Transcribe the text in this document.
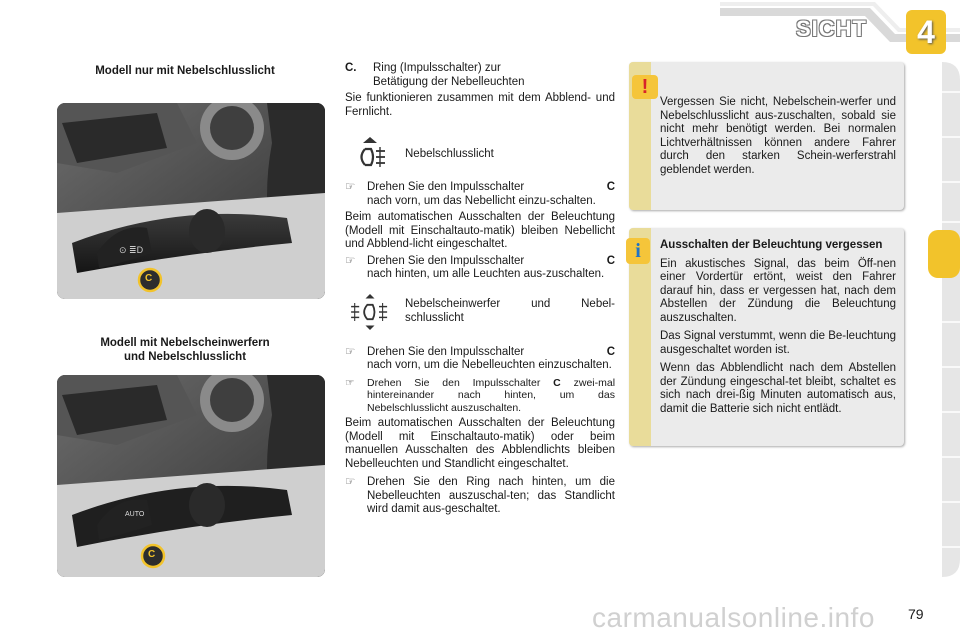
SICHT	4
Modell nur mit Nebelschlusslicht
⊙ ≣D
C
Modell mit Nebelscheinwerfern
und Nebelschlusslicht
AUTO
C
C.	Ring (Impulsschalter) zur
Betätigung der Nebelleuchten

Sie funktionieren zusammen mit dem Abblend- und Fernlicht.

Nebelschlusslicht
☞	Drehen Sie den Impulsschalter	C

nach vorn, um das Nebellicht einzu-schalten.

Beim automatischen Ausschalten der Beleuchtung (Modell mit Einschaltauto-matik) bleiben Nebellicht und Abblend-licht eingeschaltet.

☞	Drehen Sie den Impulsschalter	C

nach hinten, um alle Leuchten aus-zuschalten.
Nebelscheinwerfer und Nebel-schlusslicht
☞	Drehen Sie den Impulsschalter	C

nach vorn, um die Nebelleuchten einzuschalten.
☞	Drehen Sie den Impulsschalter C zwei-mal hintereinander nach hinten, um das Nebelschlusslicht auszuschalten.

Beim automatischen Ausschalten der Beleuchtung (Modell mit Einschaltauto-matik) oder beim manuellen Ausschalten des Abblendlichts bleiben Nebelleuchten und Standlicht eingeschaltet.

☞	Drehen Sie den Ring nach hinten, um die Nebelleuchten auszuschal-ten; das Standlicht wird damit aus-geschaltet.
Vergessen Sie nicht, Nebelschein-werfer und Nebelschlusslicht aus-zuschalten, sobald sie nicht mehr benötigt werden. Bei normalen Lichtverhältnissen können andere Fahrer durch den starken Schein-werferstrahl geblendet werden.
!

Ausschalten der Beleuchtung vergessen

Ein akustisches Signal, das beim Öff-nen einer Vordertür ertönt, weist den Fahrer darauf hin, dass er vergessen hat, nach dem Abstellen der Zündung die Beleuchtung auszuschalten.

Das Signal verstummt, wenn die Be-leuchtung ausgeschaltet worden ist.

Wenn das Abblendlicht nach dem Abstellen der Zündung eingeschal-tet bleibt, schaltet es sich nach drei-ßig Minuten automatisch aus, damit die Batterie sich nicht entlädt.

i
carmanualsonline.info 79
